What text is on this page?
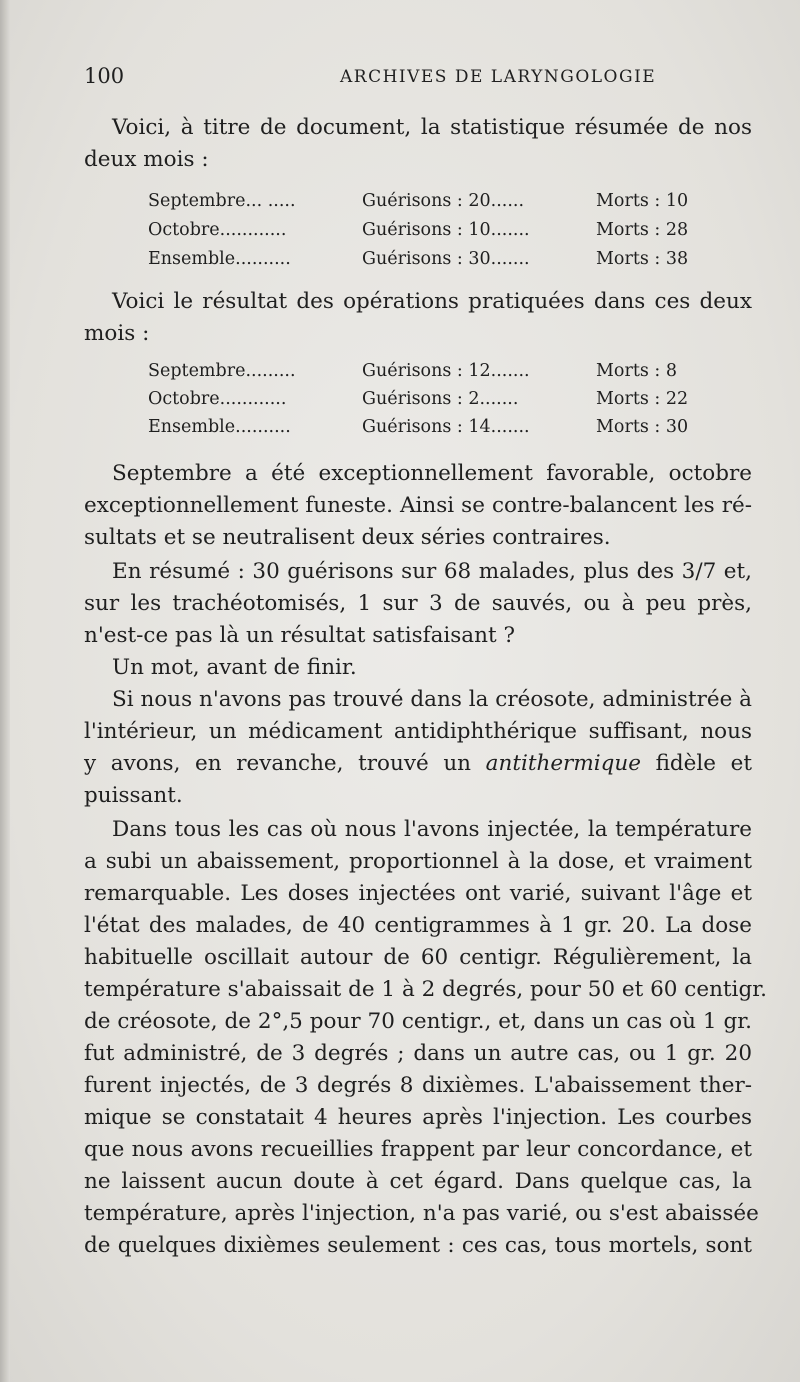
100	ARCHIVES DE LARYNGOLOGIE
Voici, à titre de document, la statistique résumée de nos
deux mois :
Septembre... .....	Guérisons : 20......	Morts : 10
Octobre............	Guérisons : 10.......	Morts : 28
Ensemble..........	Guérisons : 30.......	Morts : 38
Voici le résultat des opérations pratiquées dans ces deux
mois :
Septembre.........	Guérisons : 12.......	Morts : 8
Octobre............	Guérisons : 2.......	Morts : 22
Ensemble..........	Guérisons : 14.......	Morts : 30
Septembre a été exceptionnellement favorable, octobre
exceptionnellement funeste. Ainsi se contre-balancent les ré-
sultats et se neutralisent deux séries contraires.
En résumé : 30 guérisons sur 68 malades, plus des 3/7 et,
sur les trachéotomisés, 1 sur 3 de sauvés, ou à peu près,
n'est-ce pas là un résultat satisfaisant ?
Un mot, avant de finir.
Si nous n'avons pas trouvé dans la créosote, administrée à
l'intérieur, un médicament antidiphthérique suffisant, nous
y avons, en revanche, trouvé un antithermique fidèle et
puissant.
Dans tous les cas où nous l'avons injectée, la température
a subi un abaissement, proportionnel à la dose, et vraiment
remarquable. Les doses injectées ont varié, suivant l'âge et
l'état des malades, de 40 centigrammes à 1 gr. 20. La dose
habituelle oscillait autour de 60 centigr. Régulièrement, la
température s'abaissait de 1 à 2 degrés, pour 50 et 60 centigr.
de créosote, de 2°,5 pour 70 centigr., et, dans un cas où 1 gr.
fut administré, de 3 degrés ; dans un autre cas, ou 1 gr. 20
furent injectés, de 3 degrés 8 dixièmes. L'abaissement ther-
mique se constatait 4 heures après l'injection. Les courbes
que nous avons recueillies frappent par leur concordance, et
ne laissent aucun doute à cet égard. Dans quelque cas, la
température, après l'injection, n'a pas varié, ou s'est abaissée
de quelques dixièmes seulement : ces cas, tous mortels, sont
